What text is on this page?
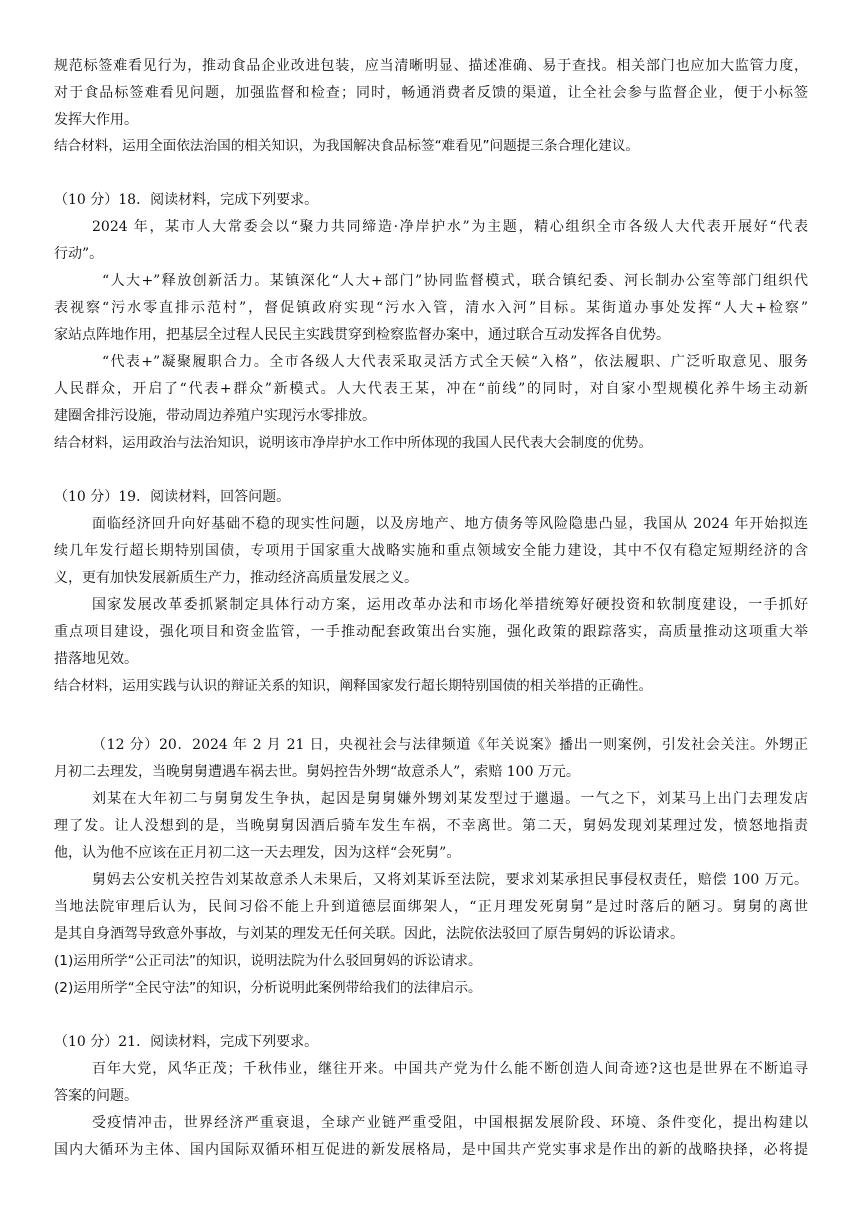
规范标签难看见行为，推动食品企业改进包装，应当清晰明显、描述准确、易于查找。相关部门也应加大监管力度，
对于食品标签难看见问题，加强监督和检查；同时，畅通消费者反馈的渠道，让全社会参与监督企业，便于小标签
发挥大作用。
结合材料，运用全面依法治国的相关知识，为我国解决食品标签“难看见”问题提三条合理化建议。
（10 分）18．阅读材料，完成下列要求。
2024 年，某市人大常委会以“聚力共同缔造·净岸护水”为主题，精心组织全市各级人大代表开展好“代表
行动”。
“人大+”释放创新活力。某镇深化“人大+部门”协同监督模式，联合镇纪委、河长制办公室等部门组织代
表视察“污水零直排示范村”，督促镇政府实现“污水入管，清水入河”目标。某街道办事处发挥“人大+检察”
家站点阵地作用，把基层全过程人民民主实践贯穿到检察监督办案中，通过联合互动发挥各自优势。
“代表+”凝聚履职合力。全市各级人大代表采取灵活方式全天候“入格”，依法履职、广泛听取意见、服务
人民群众，开启了“代表+群众”新模式。人大代表王某，冲在“前线”的同时，对自家小型规模化养牛场主动新
建圈舍排污设施，带动周边养殖户实现污水零排放。
结合材料，运用政治与法治知识，说明该市净岸护水工作中所体现的我国人民代表大会制度的优势。
（10 分）19．阅读材料，回答问题。
面临经济回升向好基础不稳的现实性问题，以及房地产、地方债务等风险隐患凸显，我国从 2024 年开始拟连
续几年发行超长期特别国债，专项用于国家重大战略实施和重点领域安全能力建设，其中不仅有稳定短期经济的含
义，更有加快发展新质生产力，推动经济高质量发展之义。
国家发展改革委抓紧制定具体行动方案，运用改革办法和市场化举措统筹好硬投资和软制度建设，一手抓好
重点项目建设，强化项目和资金监管，一手推动配套政策出台实施，强化政策的跟踪落实，高质量推动这项重大举
措落地见效。
结合材料，运用实践与认识的辩证关系的知识，阐释国家发行超长期特别国债的相关举措的正确性。
（12 分）20．2024 年 2 月 21 日，央视社会与法律频道《年关说案》播出一则案例，引发社会关注。外甥正
月初二去理发，当晚舅舅遭遇车祸去世。舅妈控告外甥“故意杀人”，索赔 100 万元。
刘某在大年初二与舅舅发生争执，起因是舅舅嫌外甥刘某发型过于邋遢。一气之下，刘某马上出门去理发店
理了发。让人没想到的是，当晚舅舅因酒后骑车发生车祸，不幸离世。第二天，舅妈发现刘某理过发，愤怒地指责
他，认为他不应该在正月初二这一天去理发，因为这样“会死舅”。
舅妈去公安机关控告刘某故意杀人未果后，又将刘某诉至法院，要求刘某承担民事侵权责任，赔偿 100 万元。
当地法院审理后认为，民间习俗不能上升到道德层面绑架人，“正月理发死舅舅”是过时落后的陋习。舅舅的离世
是其自身酒驾导致意外事故，与刘某的理发无任何关联。因此，法院依法驳回了原告舅妈的诉讼请求。
(1)运用所学“公正司法”的知识，说明法院为什么驳回舅妈的诉讼请求。
(2)运用所学“全民守法”的知识，分析说明此案例带给我们的法律启示。
（10 分）21．阅读材料，完成下列要求。
百年大党，风华正茂；千秋伟业，继往开来。中国共产党为什么能不断创造人间奇迹?这也是世界在不断追寻
答案的问题。
受疫情冲击，世界经济严重衰退，全球产业链严重受阻，中国根据发展阶段、环境、条件变化，提出构建以
国内大循环为主体、国内国际双循环相互促进的新发展格局，是中国共产党实事求是作出的新的战略抉择，必将提
